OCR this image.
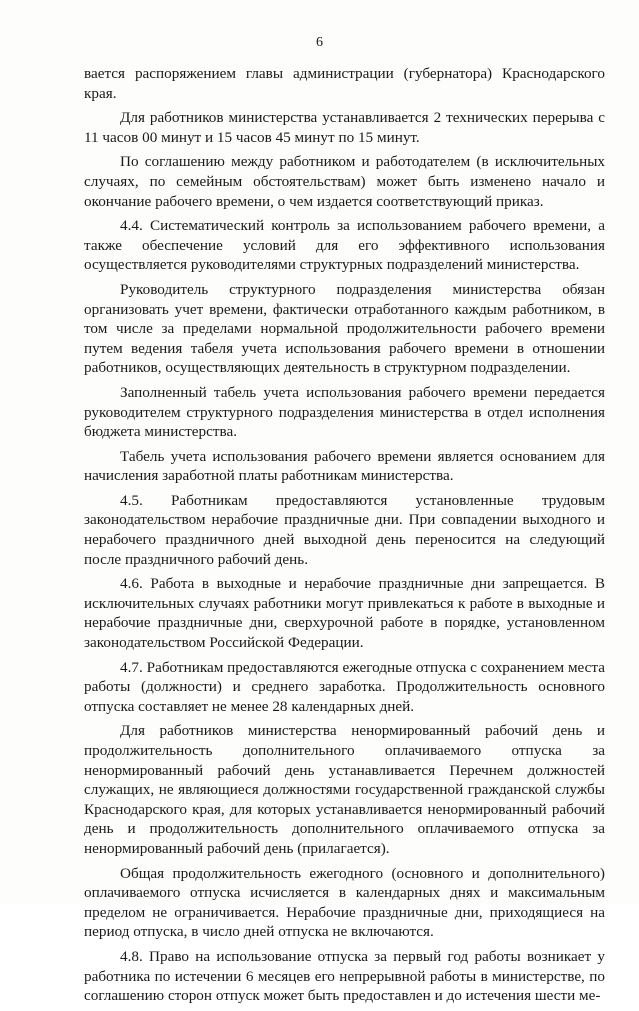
6

вается распоряжением главы администрации (губернатора) Краснодарского края.

Для работников министерства устанавливается 2 технических перерыва с 11 часов 00 минут и 15 часов 45 минут по 15 минут.

По соглашению между работником и работодателем (в исключительных случаях, по семейным обстоятельствам) может быть изменено начало и окончание рабочего времени, о чем издается соответствующий приказ.

4.4. Систематический контроль за использованием рабочего времени, а также обеспечение условий для его эффективного использования осуществляется руководителями структурных подразделений министерства.

Руководитель структурного подразделения министерства обязан организовать учет времени, фактически отработанного каждым работником, в том числе за пределами нормальной продолжительности рабочего времени путем ведения табеля учета использования рабочего времени в отношении работников, осуществляющих деятельность в структурном подразделении.

Заполненный табель учета использования рабочего времени передается руководителем структурного подразделения министерства в отдел исполнения бюджета министерства.

Табель учета использования рабочего времени является основанием для начисления заработной платы работникам министерства.

4.5. Работникам предоставляются установленные трудовым законодательством нерабочие праздничные дни. При совпадении выходного и нерабочего праздничного дней выходной день переносится на следующий после праздничного рабочий день.

4.6. Работа в выходные и нерабочие праздничные дни запрещается. В исключительных случаях работники могут привлекаться к работе в выходные и нерабочие праздничные дни, сверхурочной работе в порядке, установленном законодательством Российской Федерации.

4.7. Работникам предоставляются ежегодные отпуска с сохранением места работы (должности) и среднего заработка. Продолжительность основного отпуска составляет не менее 28 календарных дней.

Для работников министерства ненормированный рабочий день и продолжительность дополнительного оплачиваемого отпуска за ненормированный рабочий день устанавливается Перечнем должностей служащих, не являющиеся должностями государственной гражданской службы Краснодарского края, для которых устанавливается ненормированный рабочий день и продолжительность дополнительного оплачиваемого отпуска за ненормированный рабочий день (прилагается).

Общая продолжительность ежегодного (основного и дополнительного) оплачиваемого отпуска исчисляется в календарных днях и максимальным пределом не ограничивается. Нерабочие праздничные дни, приходящиеся на период отпуска, в число дней отпуска не включаются.

4.8. Право на использование отпуска за первый год работы возникает у работника по истечении 6 месяцев его непрерывной работы в министерстве, по соглашению сторон отпуск может быть предоставлен и до истечения шести ме-
